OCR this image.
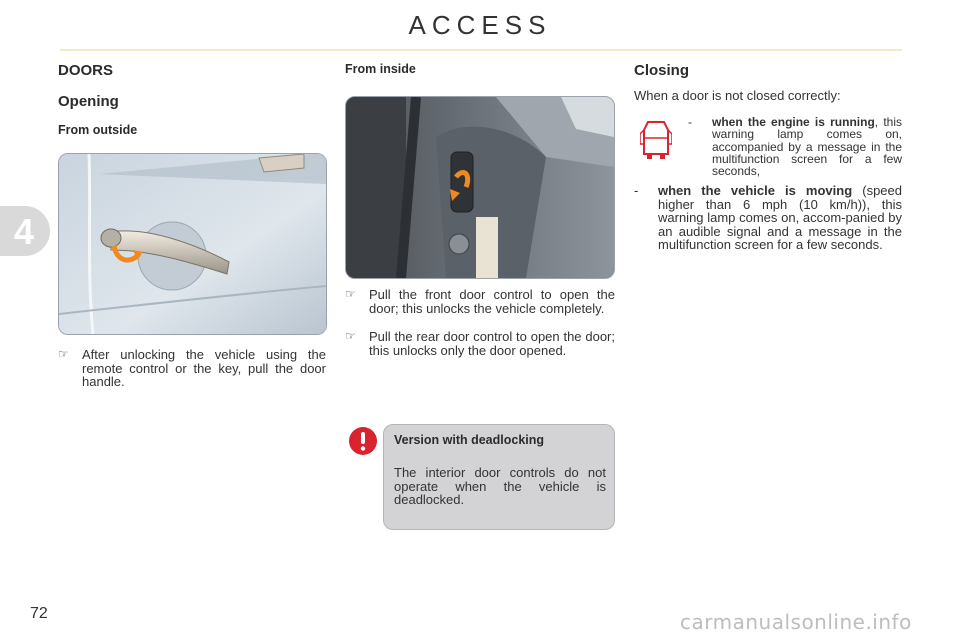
ACCESS
4
DOORS
Opening
From outside
☞ After unlocking the vehicle using the remote control or the key, pull the door handle.
From inside
☞ Pull the front door control to open the door; this unlocks the vehicle completely.
☞ Pull the rear door control to open the door; this unlocks only the door opened.
Version with deadlocking
The interior door controls do not operate when the vehicle is deadlocked.
Closing
When a door is not closed correctly:
- when the engine is running, this warning lamp comes on, accompanied by a message in the multifunction screen for a few seconds,
- when the vehicle is moving (speed higher than 6 mph (10 km/h)), this warning lamp comes on, accom-panied by an audible signal and a message in the multifunction screen for a few seconds.
72	carmanualsonline.info
